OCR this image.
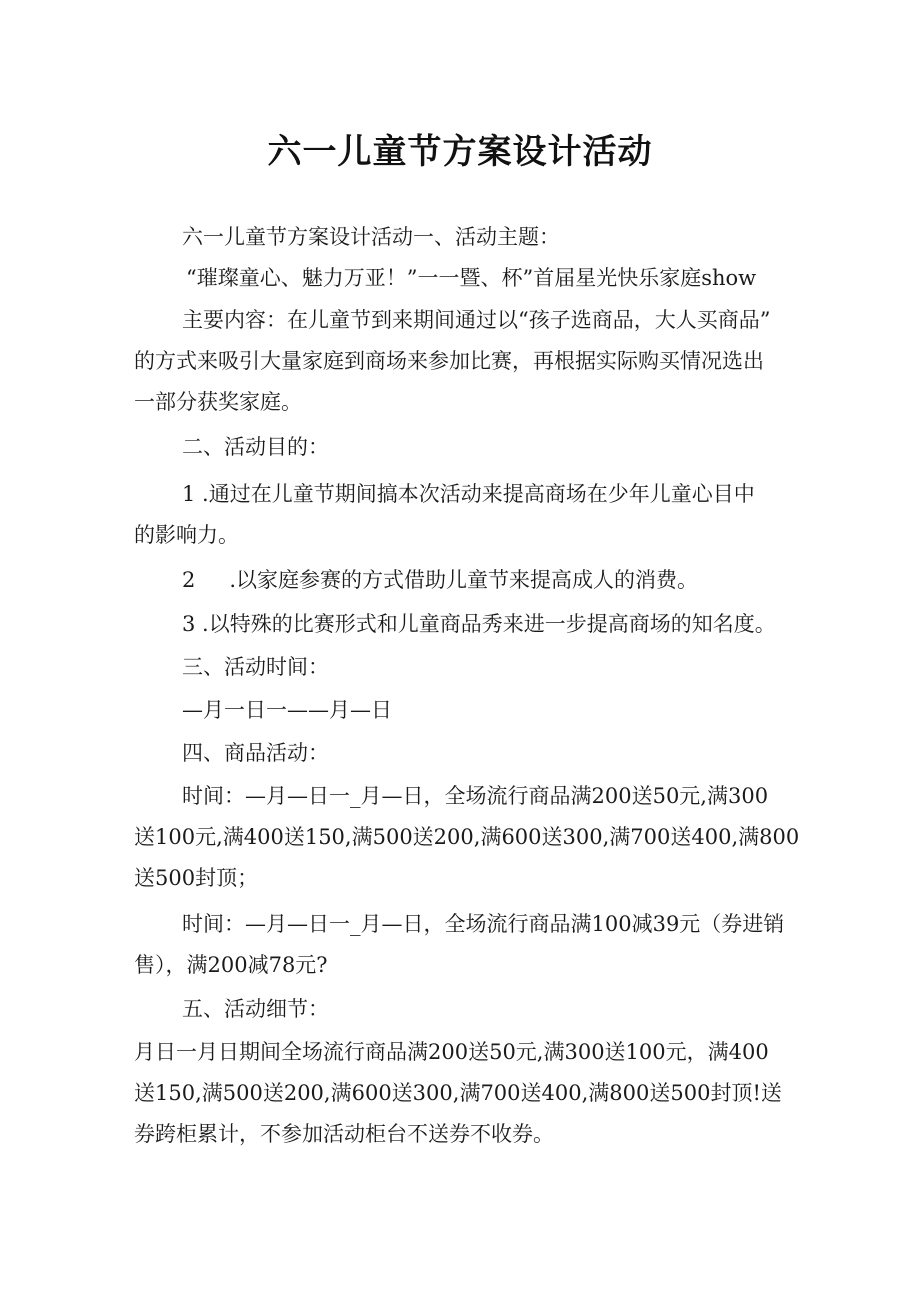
六一儿童节方案设计活动
六一儿童节方案设计活动一、活动主题：
“璀璨童心、魅力万亚！”一一暨、杯”首届星光快乐家庭show
主要内容：在儿童节到来期间通过以“孩子选商品，大人买商品”
的方式来吸引大量家庭到商场来参加比赛，再根据实际购买情况选出
一部分获奖家庭。
二、活动目的：
1 .通过在儿童节期间搞本次活动来提高商场在少年儿童心目中
的影响力。
2 .以家庭参赛的方式借助儿童节来提高成人的消费。
3 .以特殊的比赛形式和儿童商品秀来进一步提高商场的知名度。
三、活动时间：
—月一日一——月—日
四、商品活动：
时间：—月—日一_月—日，全场流行商品满200送50元,满300
送100元,满400送150,满500送200,满600送300,满700送400,满800
送500封顶；
时间：—月—日一_月—日，全场流行商品满100减39元（券进销
售），满200减78元?
五、活动细节：
月日一月日期间全场流行商品满200送50元,满300送100元，满400
送150,满500送200,满600送300,满700送400,满800送500封顶!送
券跨柜累计，不参加活动柜台不送券不收券。
